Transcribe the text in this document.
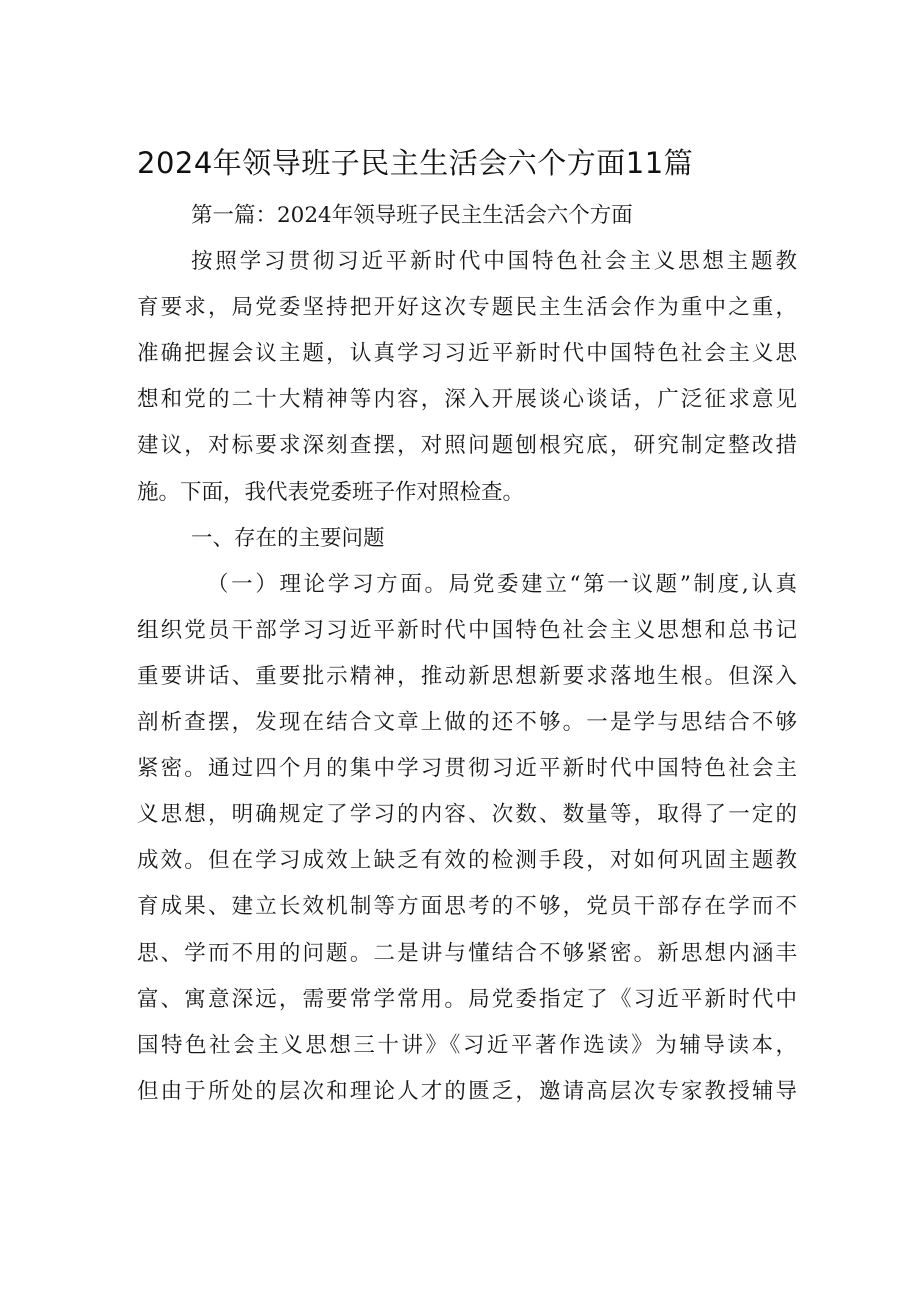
2024年领导班子民主生活会六个方面11篇
第一篇：2024年领导班子民主生活会六个方面
按照学习贯彻习近平新时代中国特色社会主义思想主题教
育要求，局党委坚持把开好这次专题民主生活会作为重中之重，
准确把握会议主题，认真学习习近平新时代中国特色社会主义思
想和党的二十大精神等内容，深入开展谈心谈话，广泛征求意见
建议，对标要求深刻查摆，对照问题刨根究底，研究制定整改措
施。下面，我代表党委班子作对照检查。
一、存在的主要问题
（一）理论学习方面。局党委建立“第一议题”制度,认真
组织党员干部学习习近平新时代中国特色社会主义思想和总书记
重要讲话、重要批示精神，推动新思想新要求落地生根。但深入
剖析查摆，发现在结合文章上做的还不够。一是学与思结合不够
紧密。通过四个月的集中学习贯彻习近平新时代中国特色社会主
义思想，明确规定了学习的内容、次数、数量等，取得了一定的
成效。但在学习成效上缺乏有效的检测手段，对如何巩固主题教
育成果、建立长效机制等方面思考的不够，党员干部存在学而不
思、学而不用的问题。二是讲与懂结合不够紧密。新思想内涵丰
富、寓意深远，需要常学常用。局党委指定了《习近平新时代中
国特色社会主义思想三十讲》《习近平著作选读》为辅导读本，
但由于所处的层次和理论人才的匮乏，邀请高层次专家教授辅导
